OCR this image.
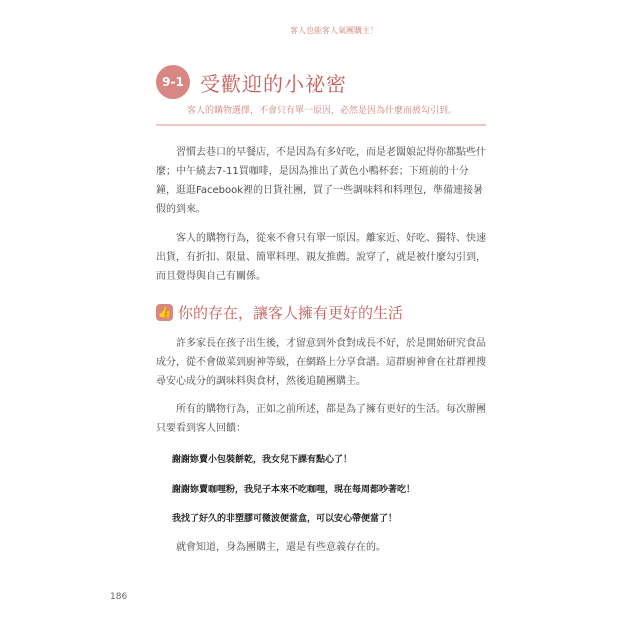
客人也能客人氣團購主！
9-1 受歡迎的小祕密
客人的購物選擇，不會只有單一原因，必然是因為什麼而被勾引到。

習慣去巷口的早餐店，不是因為有多好吃，而是老闆娘記得你都點些什麼；中午繞去7-11買咖啡，是因為推出了黃色小鴨杯套；下班前的十分鐘，逛逛Facebook裡的日貨社團，買了一些調味料和料理包，準備連接暑假的到來。

客人的購物行為，從來不會只有單一原因。離家近、好吃、獨特、快速出貨，有折扣、限量、簡單料理、親友推薦。說穿了，就是被什麼勾引到，而且覺得與自己有關係。

👍 你的存在，讓客人擁有更好的生活

許多家長在孩子出生後，才留意到外食對成長不好，於是開始研究食品成分，從不會做菜到廚神等級，在網路上分享食譜。這群廚神會在社群裡搜尋安心成分的調味料與食材，然後追隨團購主。

所有的購物行為，正如之前所述，都是為了擁有更好的生活。每次辦團只要看到客人回饋：

謝謝妳賣小包裝餅乾，我女兒下課有點心了！
謝謝妳賣咖哩粉，我兒子本來不吃咖哩，現在每周都吵著吃！
我找了好久的非塑膠可微波便當盒，可以安心帶便當了！

就會知道，身為團購主，還是有些意義存在的。

186
